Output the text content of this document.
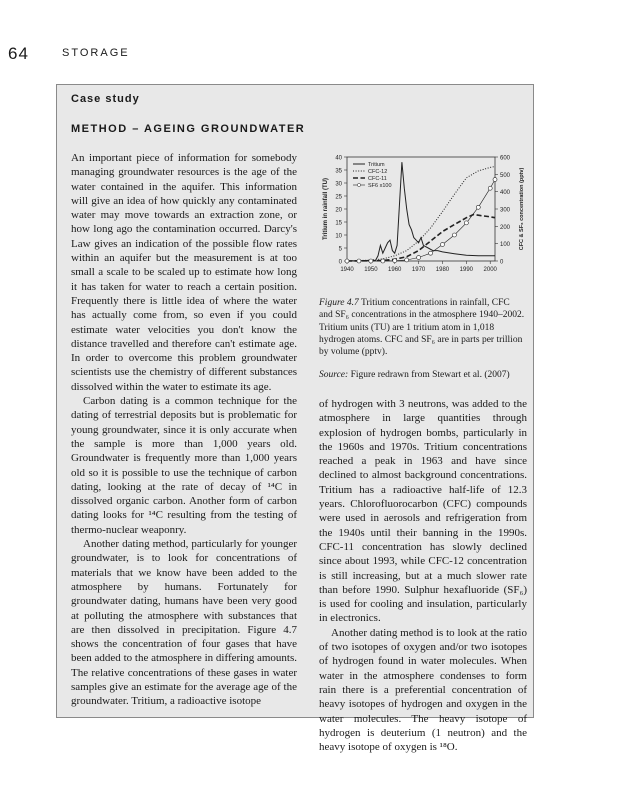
64	STORAGE
Case study
METHOD – AGEING GROUNDWATER

An important piece of information for somebody managing groundwater resources is the age of the water contained in the aquifer. This information will give an idea of how quickly any contaminated water may move towards an extraction zone, or how long ago the contamination occurred. Darcy's Law gives an indication of the possible flow rates within an aquifer but the measurement is at too small a scale to be scaled up to estimate how long it has taken for water to reach a certain position. Frequently there is little idea of where the water has actually come from, so even if you could estimate water velocities you don't know the distance travelled and therefore can't estimate age. In order to overcome this problem groundwater scientists use the chemistry of different substances dissolved within the water to estimate its age.

Carbon dating is a common technique for the dating of terrestrial deposits but is problematic for young groundwater, since it is only accurate when the sample is more than 1,000 years old. Groundwater is frequently more than 1,000 years old so it is possible to use the technique of carbon dating, looking at the rate of decay of ¹⁴C in dissolved organic carbon. Another form of carbon dating looks for ¹⁴C resulting from the testing of thermo-nuclear weaponry.

Another dating method, particularly for younger groundwater, is to look for concentrations of materials that we know have been added to the atmosphere by humans. Fortunately for groundwater dating, humans have been very good at polluting the atmosphere with substances that are then dissolved in precipitation. Figure 4.7 shows the concentration of four gases that have been added to the atmosphere in differing amounts. The relative concentrations of these gases in water samples give an estimate for the average age of the groundwater. Tritium, a radioactive isotope

0
5
10
15
20
25
30
35
40
0
100
200
300
400
500
600
1940 1950 1960 1970 1980 1990 2000
Tritium in rainfall (TU)	CFC & SF₆ concentration (pptv)
Tritium
CFC-12
CFC-11
SF6 x100
Figure 4.7 Tritium concentrations in rainfall, CFC and SF₆ concentrations in the atmosphere 1940–2002. Tritium units (TU) are 1 tritium atom in 1,018 hydrogen atoms. CFC and SF₆ are in parts per trillion by volume (pptv).
Source: Figure redrawn from Stewart et al. (2007)

of hydrogen with 3 neutrons, was added to the atmosphere in large quantities through explosion of hydrogen bombs, particularly in the 1960s and 1970s. Tritium concentrations reached a peak in 1963 and have since declined to almost background concentrations. Tritium has a radioactive half-life of 12.3 years. Chlorofluorocarbon (CFC) compounds were used in aerosols and refrigeration from the 1940s until their banning in the 1990s. CFC-11 concentration has slowly declined since about 1993, while CFC-12 concentration is still increasing, but at a much slower rate than before 1990. Sulphur hexafluoride (SF₆) is used for cooling and insulation, particularly in electronics.

Another dating method is to look at the ratio of two isotopes of oxygen and/or two isotopes of hydrogen found in water molecules. When water in the atmosphere condenses to form rain there is a preferential concentration of heavy isotopes of hydrogen and oxygen in the water molecules. The heavy isotope of hydrogen is deuterium (1 neutron) and the heavy isotope of oxygen is ¹⁸O.
